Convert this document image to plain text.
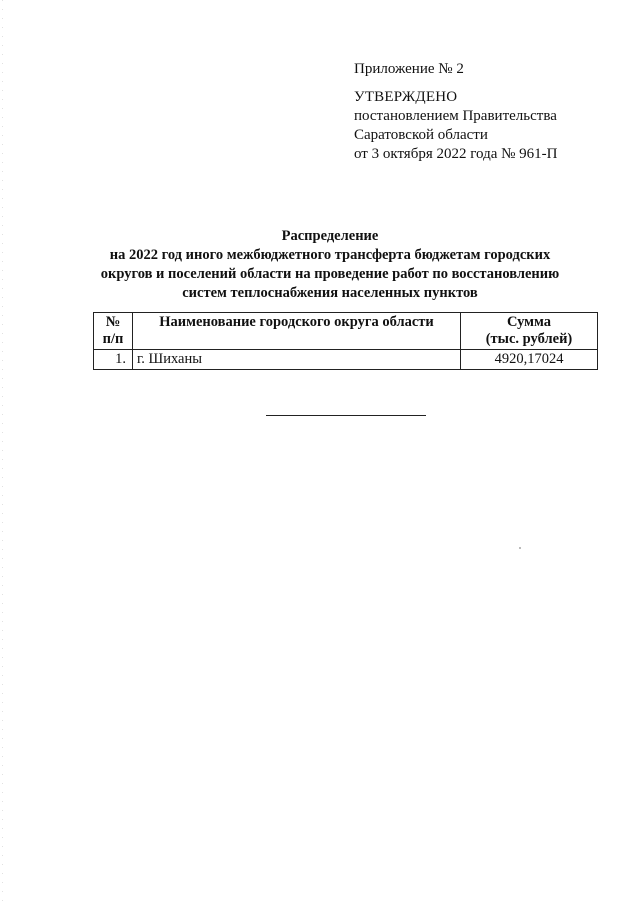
Приложение № 2
УТВЕРЖДЕНО
постановлением Правительства
Саратовской области
от 3 октября 2022 года № 961-П
Распределение
на 2022 год иного межбюджетного трансферта бюджетам городских
округов и поселений области на проведение работ по восстановлению
систем теплоснабжения населенных пунктов
№
п/п	Наименование городского округа области	Сумма
(тыс. рублей)
1.	г. Шиханы	4920,17024
